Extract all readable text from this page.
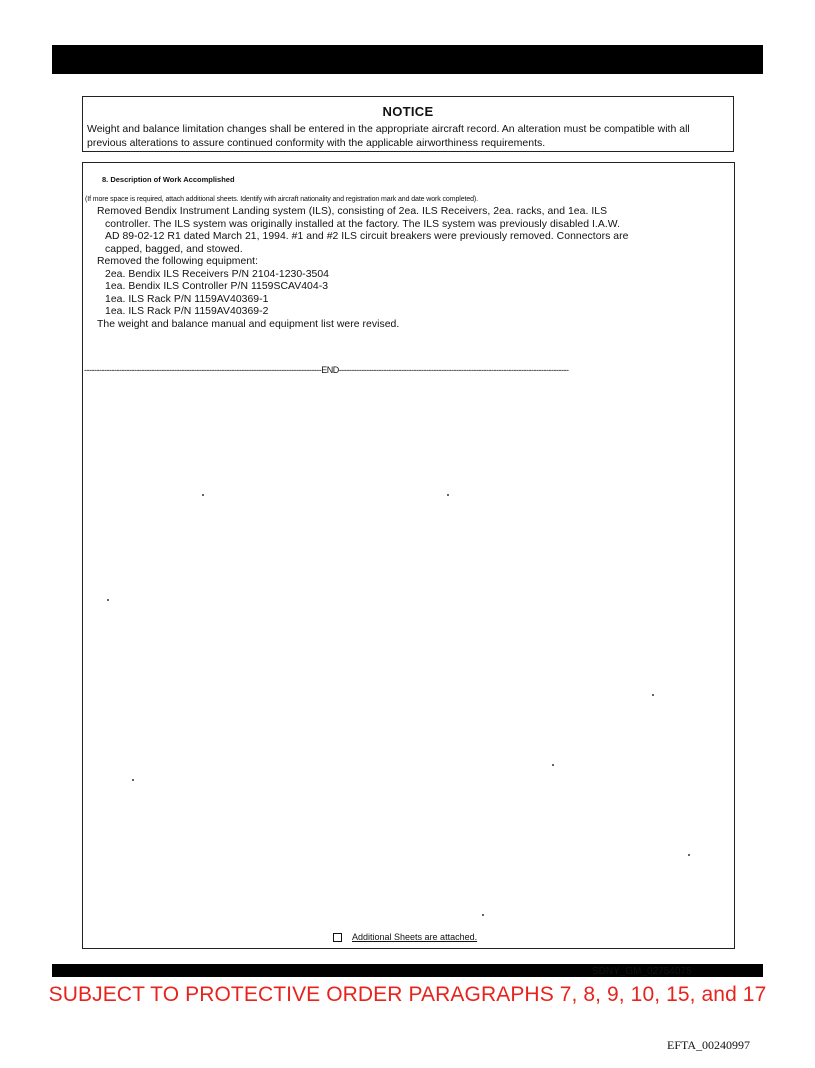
NOTICE
Weight and balance limitation changes shall be entered in the appropriate aircraft record. An alteration must be compatible with all previous alterations to assure continued conformity with the applicable airworthiness requirements.
8. Description of Work Accomplished
(If more space is required, attach additional sheets. Identify with aircraft nationality and registration mark and date work completed).
Removed Bendix Instrument Landing system (ILS), consisting of 2ea. ILS Receivers, 2ea. racks, and 1ea. ILS
controller. The ILS system was originally installed at the factory. The ILS system was previously disabled I.A.W.
AD 89-02-12 R1 dated March 21, 1994. #1 and #2 ILS circuit breakers were previously removed. Connectors are
capped, bagged, and stowed.
Removed the following equipment:
2ea. Bendix ILS Receivers P/N 2104-1230-3504
1ea. Bendix ILS Controller P/N 1159SCAV404-3
1ea. ILS Rack P/N 1159AV40369-1
1ea. ILS Rack P/N 1159AV40369-2
The weight and balance manual and equipment list were revised.
-----------------------------------------------------------------------------------------------END--------------------------------------------------------------------------------------------
Additional Sheets are attached.
SDNY_GM_02754075
SUBJECT TO PROTECTIVE ORDER PARAGRAPHS 7, 8, 9, 10, 15, and 17
EFTA_00240997
